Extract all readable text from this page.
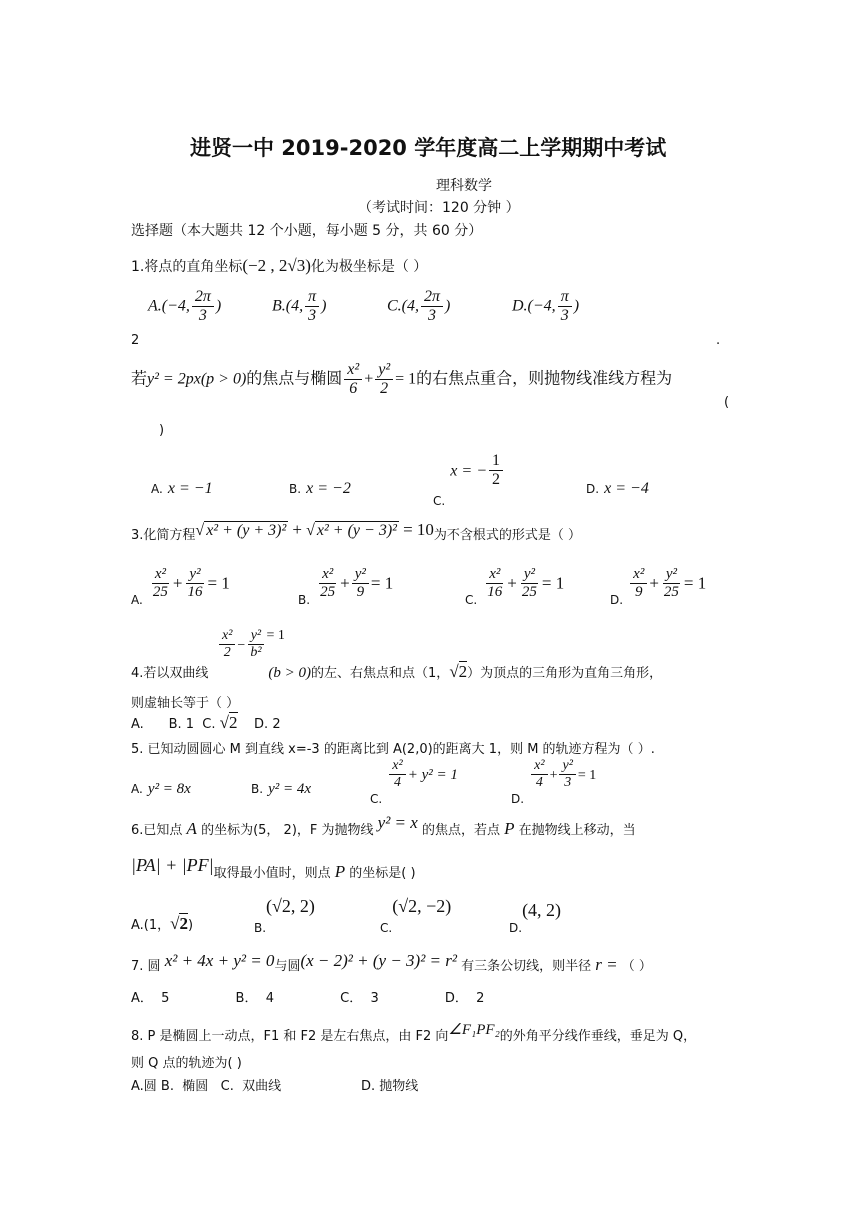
进贤一中 2019-2020 学年度高二上学期期中考试
理科数学
（考试时间：120 分钟 ）
选择题（本大题共 12 个小题，每小题 5 分，共 60 分）
1.将点的直角坐标(−2 , 2√3)化为极坐标是（ ）
A.(−4, $\frac{2\pi}{3}$ )	B.(4, $\frac{\pi}{3}$ )	C.(4, $\frac{2\pi}{3}$ )	D.(−4, $\frac{\pi}{3}$ )
2	.
若y² = 2px(p > 0)的焦点与椭圆 $\frac{\text{x²}}{6} + \frac{\text{y²}}{2} = 1$的右焦点重合，则抛物线准线方程为
(
)
A. x = −1	B. x = −2
$_{C.}$ x = − $\frac{1}{2}$	D. x = −4
3.化简方程√ x² + (y + 3)² + √ x² + (y − 3)² = 10为不含根式的形式是（ ）
$_{A.} \frac{\text{x²}}{25} + \frac{\text{y²}}{16} = 1$
$_{B.} \frac{\text{x²}}{25} + \frac{\text{y²}}{9} = 1$
$_{C.} \frac{\text{x²}}{16} + \frac{\text{y²}}{25} = 1$
$_{D.} \frac{\text{x²}}{9} + \frac{\text{y²}}{25} = 1$
$\frac{\text{x²}}{2} - \frac{\text{y²}}{\text{b²}} = 1$
4.若以双曲线	(b > 0)的左、右焦点和点（1，√2）为顶点的三角形为直角三角形，
则虚轴长等于（ ）
A.      B. 1  C. √2 D. 2
5. 已知动圆圆心 M 到直线 x=-3 的距离比到 A(2,0)的距离大 1，则 M 的轨迹方程为（ ）.
A. y² = 8x	B. y² = 4x
$_{C.}$
$\frac{\text{x²}}{4} + y^2 = 1$
$_{D.}$
$\frac{\text{x²}}{4} + \frac{\text{y²}}{3} = 1$
6.已知点 A 的坐标为(5， 2)，F 为抛物线 y² = x 的焦点，若点 P 在抛物线上移动，当
|PA| + |PF|取得最小值时，则点 P 的坐标是( )
A.(1，√2)	$_{B.}$(√2, 2)
$_{C.}$(√2, −2)
$_{D.}$(4, 2)
7. 圆 x² + 4x + y² = 0与圆(x − 2)² + (y − 3)² = r² 有三条公切线，则半径 r = （ ）
A．  5                B．  4                C．  3                D．  2
8. P 是椭圆上一动点，F1 和 F2 是左右焦点，由 F2 向∠F₁PF₂的外角平分线作垂线，垂足为 Q，
则 Q 点的轨迹为( )
A.圆 B.  椭圆   C.  双曲线	D. 抛物线
